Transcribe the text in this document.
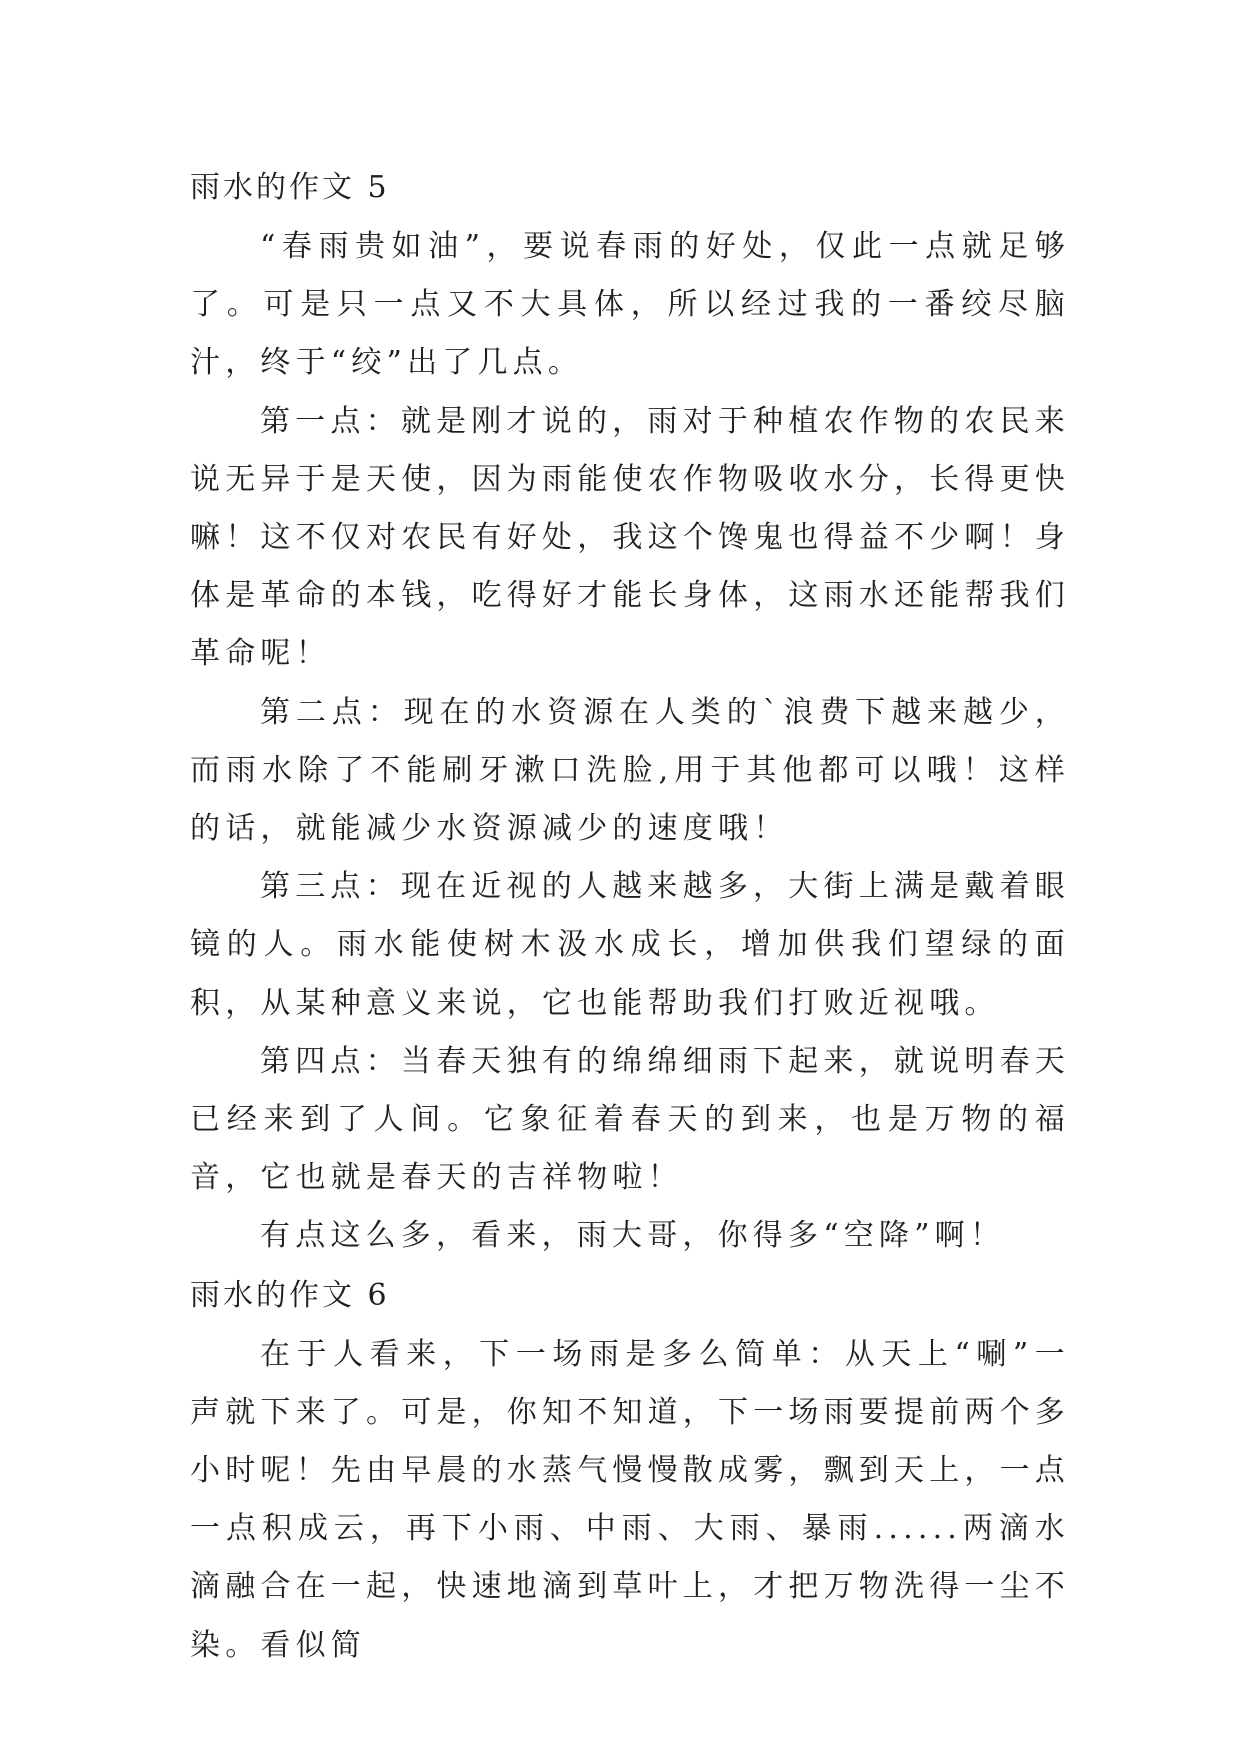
雨水的作文 5

“春雨贵如油”，要说春雨的好处，仅此一点就足够了。可是只一点又不大具体，所以经过我的一番绞尽脑汁，终于“绞”出了几点。

第一点：就是刚才说的，雨对于种植农作物的农民来说无异于是天使，因为雨能使农作物吸收水分，长得更快嘛！这不仅对农民有好处，我这个馋鬼也得益不少啊！身体是革命的本钱，吃得好才能长身体，这雨水还能帮我们革命呢！

第二点：现在的水资源在人类的`浪费下越来越少，而雨水除了不能刷牙漱口洗脸,用于其他都可以哦！这样的话，就能减少水资源减少的速度哦！

第三点：现在近视的人越来越多，大街上满是戴着眼镜的人。雨水能使树木汲水成长，增加供我们望绿的面积，从某种意义来说，它也能帮助我们打败近视哦。

第四点：当春天独有的绵绵细雨下起来，就说明春天已经来到了人间。它象征着春天的到来，也是万物的福音，它也就是春天的吉祥物啦！

有点这么多，看来，雨大哥，你得多“空降”啊！

雨水的作文 6

在于人看来，下一场雨是多么简单：从天上“唰”一声就下来了。可是，你知不知道，下一场雨要提前两个多小时呢！先由早晨的水蒸气慢慢散成雾，飘到天上，一点一点积成云，再下小雨、中雨、大雨、暴雨......两滴水滴融合在一起，快速地滴到草叶上，才把万物洗得一尘不染。看似简
